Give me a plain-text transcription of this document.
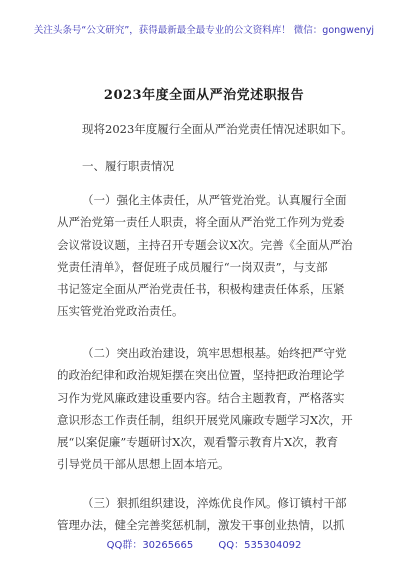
关注头条号“公文研究”，获得最新最全最专业的公文资料库！ 微信：gongwenyj
2023年度全面从严治党述职报告
现将2023年度履行全面从严治党责任情况述职如下。
一、履行职责情况
（一）强化主体责任，从严管党治党。认真履行全面
从严治党第一责任人职责，将全面从严治党工作列为党委
会议常设议题，主持召开专题会议X次。完善《全面从严治
党责任清单》，督促班子成员履行“一岗双责”，与支部
书记签定全面从严治党责任书，积极构建责任体系，压紧
压实管党治党政治责任。
（二）突出政治建设，筑牢思想根基。始终把严守党
的政治纪律和政治规矩摆在突出位置，坚持把政治理论学
习作为党风廉政建设重要内容。结合主题教育，严格落实
意识形态工作责任制，组织开展党风廉政专题学习X次，开
展“以案促廉”专题研讨X次，观看警示教育片X次，教育
引导党员干部从思想上固本培元。
（三）狠抓组织建设，淬炼优良作风。修订镇村干部
管理办法，健全完善奖惩机制，激发干事创业热情，以抓
QQ群：30265665	QQ：535304092
